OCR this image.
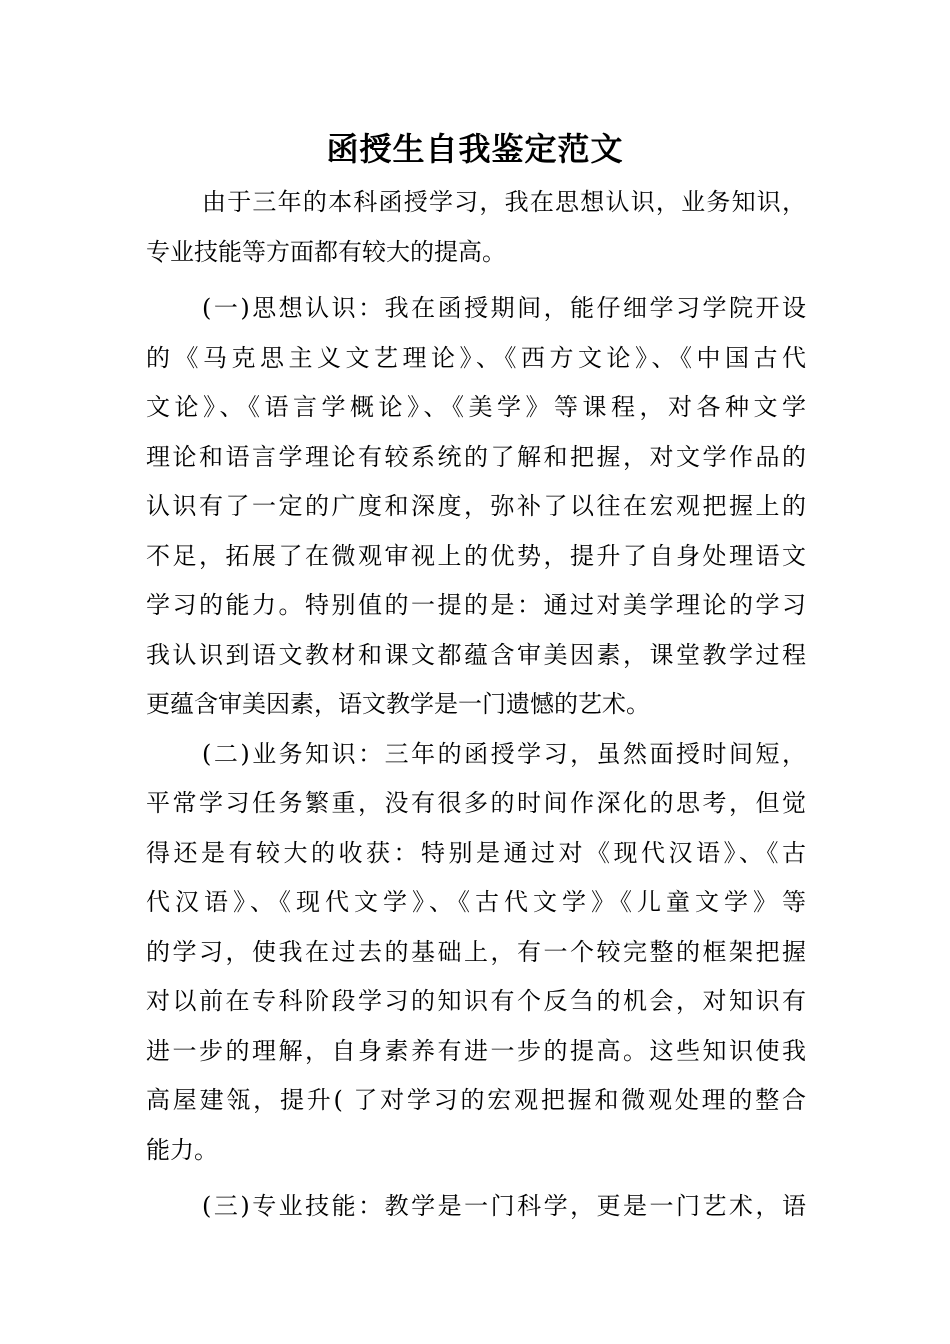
函授生自我鉴定范文
由于三年的本科函授学习，我在思想认识，业务知识，
专业技能等方面都有较大的提高。
(一)思想认识：我在函授期间，能仔细学习学院开设
的《马克思主义文艺理论》、《西方文论》、《中国古代
文论》、《语言学概论》、《美学》等课程，对各种文学
理论和语言学理论有较系统的了解和把握，对文学作品的
认识有了一定的广度和深度，弥补了以往在宏观把握上的
不足，拓展了在微观审视上的优势，提升了自身处理语文
学习的能力。特别值的一提的是：通过对美学理论的学习
我认识到语文教材和课文都蕴含审美因素，课堂教学过程
更蕴含审美因素，语文教学是一门遗憾的艺术。
(二)业务知识：三年的函授学习，虽然面授时间短，
平常学习任务繁重，没有很多的时间作深化的思考，但觉
得还是有较大的收获：特别是通过对《现代汉语》、《古
代汉语》、《现代文学》、《古代文学》《儿童文学》等
的学习，使我在过去的基础上，有一个较完整的框架把握
对以前在专科阶段学习的知识有个反刍的机会，对知识有
进一步的理解，自身素养有进一步的提高。这些知识使我
高屋建瓴，提升( 了对学习的宏观把握和微观处理的整合
能力。
(三)专业技能：教学是一门科学，更是一门艺术，语
